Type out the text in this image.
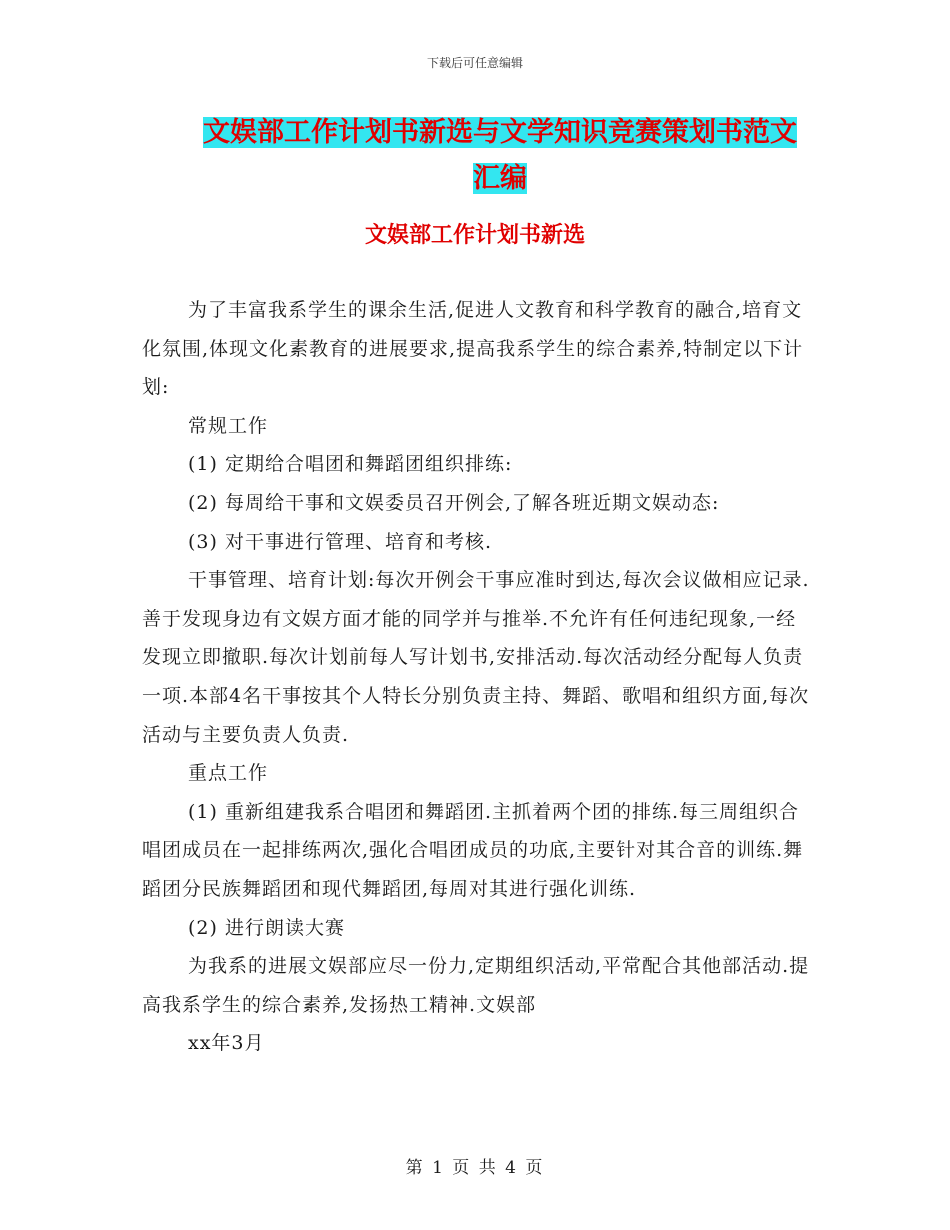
下载后可任意编辑
文娱部工作计划书新选与文学知识竞赛策划书范文汇编
文娱部工作计划书新选

为了丰富我系学生的课余生活,促进人文教育和科学教育的融合,培育文化氛围,体现文化素教育的进展要求,提高我系学生的综合素养,特制定以下计划:

常规工作

(1) 定期给合唱团和舞蹈团组织排练:

(2) 每周给干事和文娱委员召开例会,了解各班近期文娱动态:

(3) 对干事进行管理、培育和考核.

干事管理、培育计划:每次开例会干事应准时到达,每次会议做相应记录.善于发现身边有文娱方面才能的同学并与推举.不允许有任何违纪现象,一经发现立即撤职.每次计划前每人写计划书,安排活动.每次活动经分配每人负责一项.本部4名干事按其个人特长分别负责主持、舞蹈、歌唱和组织方面,每次活动与主要负责人负责.

重点工作

(1) 重新组建我系合唱团和舞蹈团.主抓着两个团的排练.每三周组织合唱团成员在一起排练两次,强化合唱团成员的功底,主要针对其合音的训练.舞蹈团分民族舞蹈团和现代舞蹈团,每周对其进行强化训练.

(2) 进行朗读大赛

为我系的进展文娱部应尽一份力,定期组织活动,平常配合其他部活动.提高我系学生的综合素养,发扬热工精神.文娱部

xx年3月

第 1 页 共 4 页
